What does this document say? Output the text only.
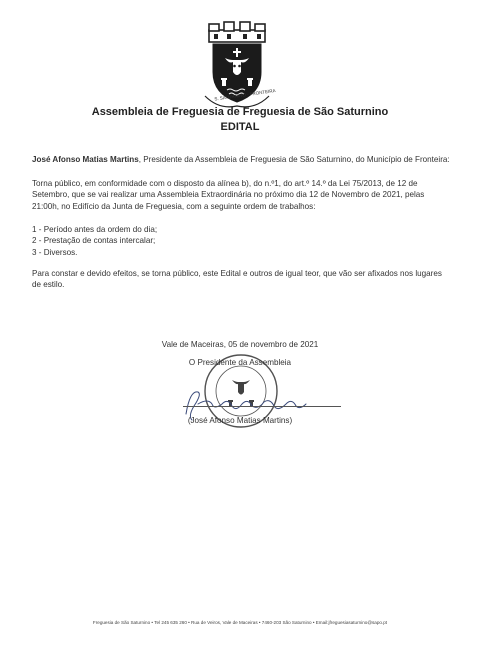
S. SATURNINO - FRONTEIRA
Assembleia de Freguesia de Freguesia de São Saturnino
EDITAL
José Afonso Matias Martins, Presidente da Assembleia de Freguesia de São Saturnino, do Município de Fronteira:
Torna público, em conformidade com o disposto da alínea b), do n.º1, do art.º 14.º da Lei 75/2013, de 12 de Setembro, que se vai realizar uma Assembleia Extraordinária no próximo dia 12 de Novembro de 2021, pelas 21:00h, no Edifício da Junta de Freguesia, com a seguinte ordem de trabalhos:
1 - Período antes da ordem do dia;
2 - Prestação de contas intercalar;
3 - Diversos.
Para constar e devido efeitos, se torna público, este Edital e outros de igual teor, que vão ser afixados nos lugares de estilo.
Vale de Maceiras, 05 de novembro de 2021
O Presidente da Assembleia
(José Afonso Matias Martins)
Freguesia de São Saturnino • Tel 245 635 260 • Rua de Veiros, Vale de Maceiras • 7460-203 São Saturnino • Email:jfreguesiasaturnino@sapo.pt
